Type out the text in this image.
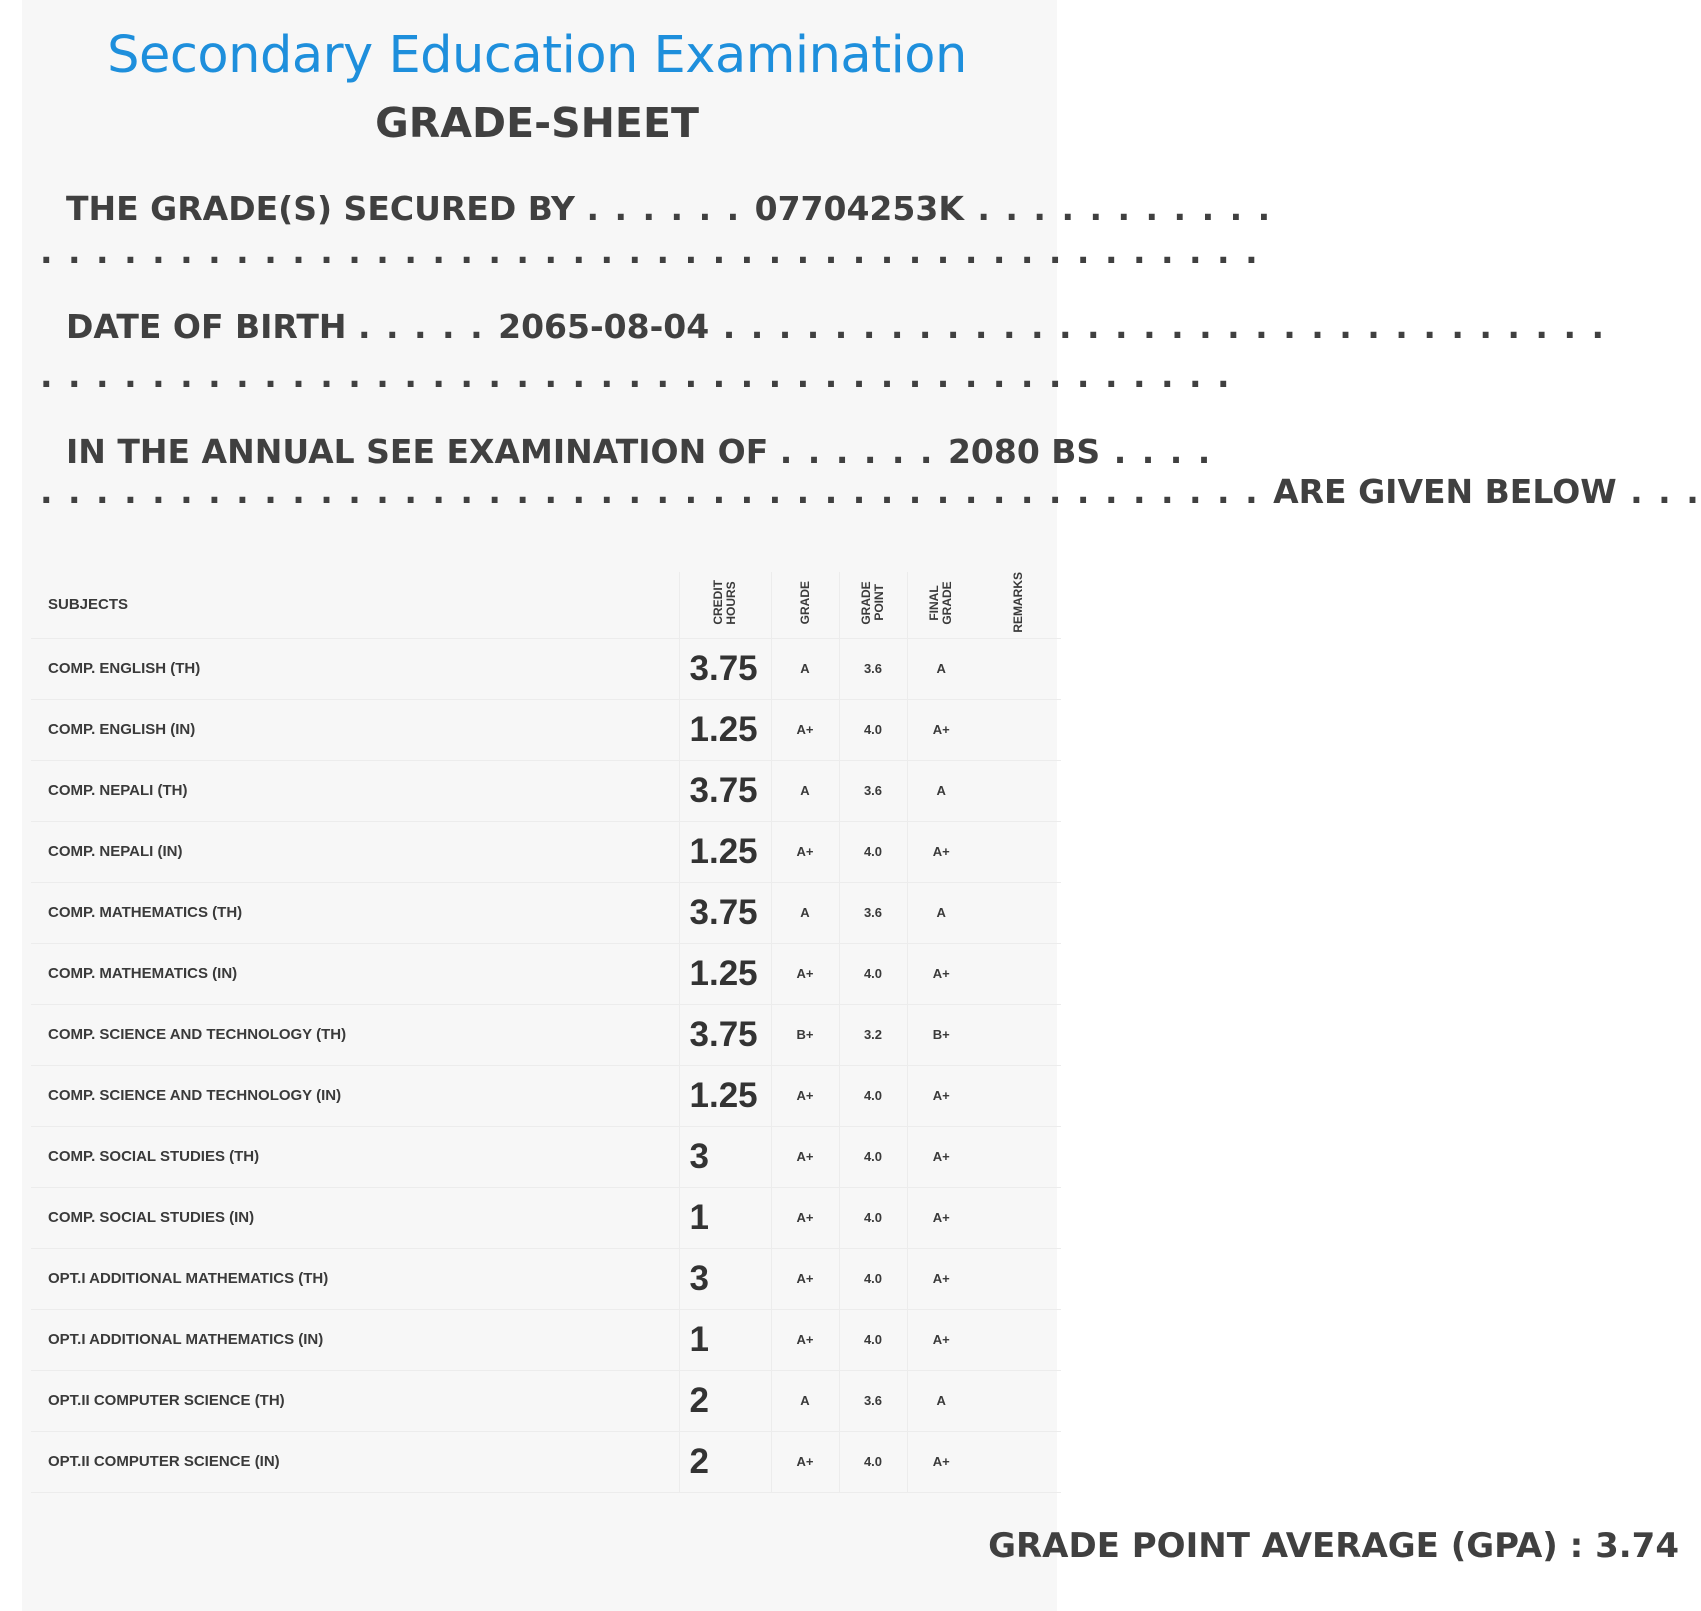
Secondary Education Examination
GRADE-SHEET
THE GRADE(S) SECURED BY . . . . . . 07704253K . . . . . . . . . . .
. . . . . . . . . . . . . . . . . . . . . . . . . . . . . . . . . . . . . . . . . . . .
DATE OF BIRTH . . . . . 2065-08-04 . . . . . . . . . . . . . . . . . . . . . . . . . . . . . . . .
. . . . . . . . . . . . . . . . . . . . . . . . . . . . . . . . . . . . . . . . . . .
IN THE ANNUAL SEE EXAMINATION OF . . . . . . 2080 BS . . . .
. . . . . . . . . . . . . . . . . . . . . . . . . . . . . . . . . . . . . . . . . . . . ARE GIVEN BELOW . . .
SUBJECTS	CREDIT HOURS	GRADE	GRADE POINT	FINAL GRADE	REMARKS
COMP. ENGLISH (TH)	3.75	A	3.6	A	
COMP. ENGLISH (IN)	1.25	A+	4.0	A+	
COMP. NEPALI (TH)	3.75	A	3.6	A	
COMP. NEPALI (IN)	1.25	A+	4.0	A+	
COMP. MATHEMATICS (TH)	3.75	A	3.6	A	
COMP. MATHEMATICS (IN)	1.25	A+	4.0	A+	
COMP. SCIENCE AND TECHNOLOGY (TH)	3.75	B+	3.2	B+	
COMP. SCIENCE AND TECHNOLOGY (IN)	1.25	A+	4.0	A+	
COMP. SOCIAL STUDIES (TH)	3	A+	4.0	A+	
COMP. SOCIAL STUDIES (IN)	1	A+	4.0	A+	
OPT.I ADDITIONAL MATHEMATICS (TH)	3	A+	4.0	A+	
OPT.I ADDITIONAL MATHEMATICS (IN)	1	A+	4.0	A+	
OPT.II COMPUTER SCIENCE (TH)	2	A	3.6	A	
OPT.II COMPUTER SCIENCE (IN)	2	A+	4.0	A+	
GRADE POINT AVERAGE (GPA) : 3.74
